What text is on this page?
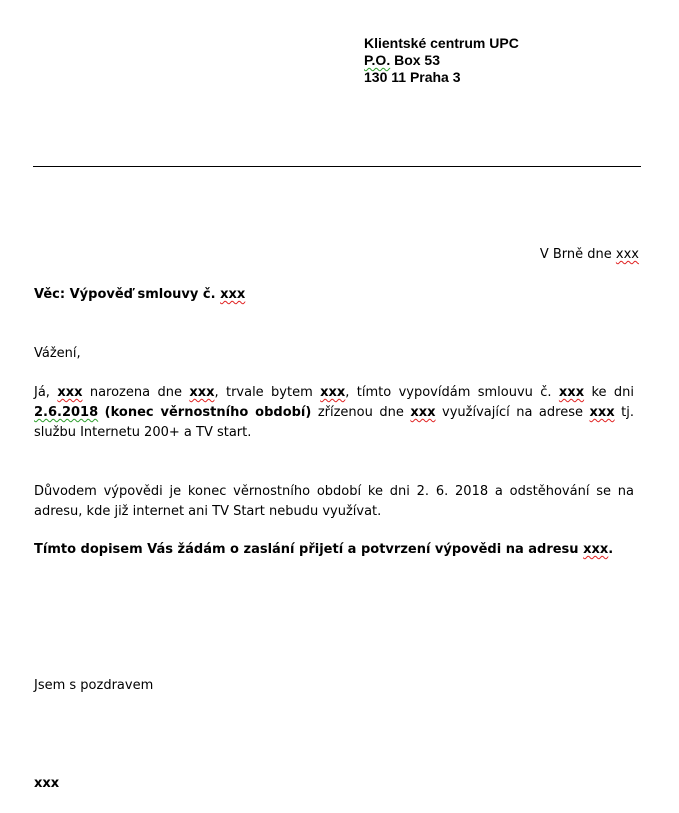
Klientské centrum UPC
P.O. Box 53
130 11 Praha 3
V Brně dne xxx
Věc: Výpověď smlouvy č. xxx
Vážení,
Já, xxx narozena dne xxx, trvale bytem xxx, tímto vypovídám smlouvu č. xxx ke dni 2.6.2018 (konec věrnostního období) zřízenou dne xxx využívající na adrese xxx tj. službu Internetu 200+ a TV start.
Důvodem výpovědi je konec věrnostního období ke dni 2. 6. 2018 a odstěhování se na adresu, kde již internet ani TV Start nebudu využívat.
Tímto dopisem Vás žádám o zaslání přijetí a potvrzení výpovědi na adresu xxx.
Jsem s pozdravem
xxx
